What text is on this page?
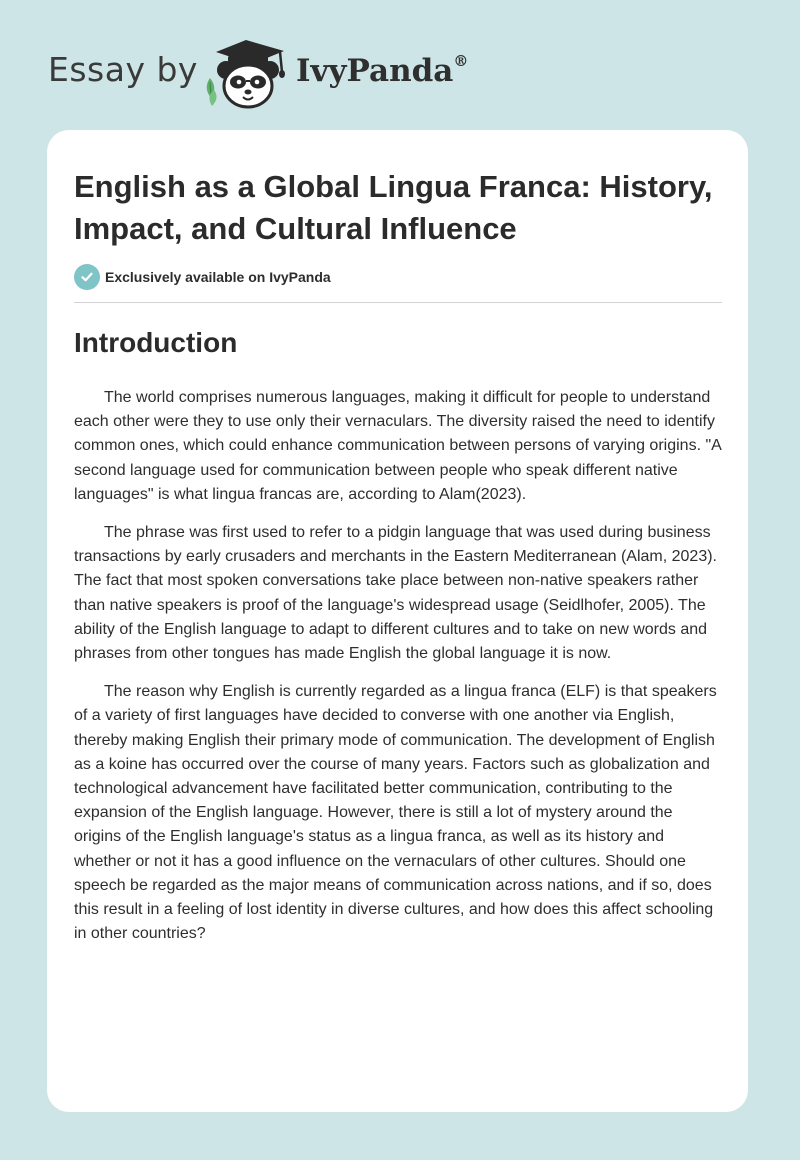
Essay by	IvyPanda®
English as a Global Lingua Franca: History, Impact, and Cultural Influence
Exclusively available on IvyPanda
Introduction

The world comprises numerous languages, making it difficult for people to understand each other were they to use only their vernaculars. The diversity raised the need to identify common ones, which could enhance communication between persons of varying origins. "A second language used for communication between people who speak different native languages" is what lingua francas are, according to Alam(2023).

The phrase was first used to refer to a pidgin language that was used during business transactions by early crusaders and merchants in the Eastern Mediterranean (Alam, 2023). The fact that most spoken conversations take place between non-native speakers rather than native speakers is proof of the language's widespread usage (Seidlhofer, 2005). The ability of the English language to adapt to different cultures and to take on new words and phrases from other tongues has made English the global language it is now.

The reason why English is currently regarded as a lingua franca (ELF) is that speakers of a variety of first languages have decided to converse with one another via English, thereby making English their primary mode of communication. The development of English as a koine has occurred over the course of many years. Factors such as globalization and technological advancement have facilitated better communication, contributing to the expansion of the English language. However, there is still a lot of mystery around the origins of the English language's status as a lingua franca, as well as its history and whether or not it has a good influence on the vernaculars of other cultures. Should one speech be regarded as the major means of communication across nations, and if so, does this result in a feeling of lost identity in diverse cultures, and how does this affect schooling in other countries?
